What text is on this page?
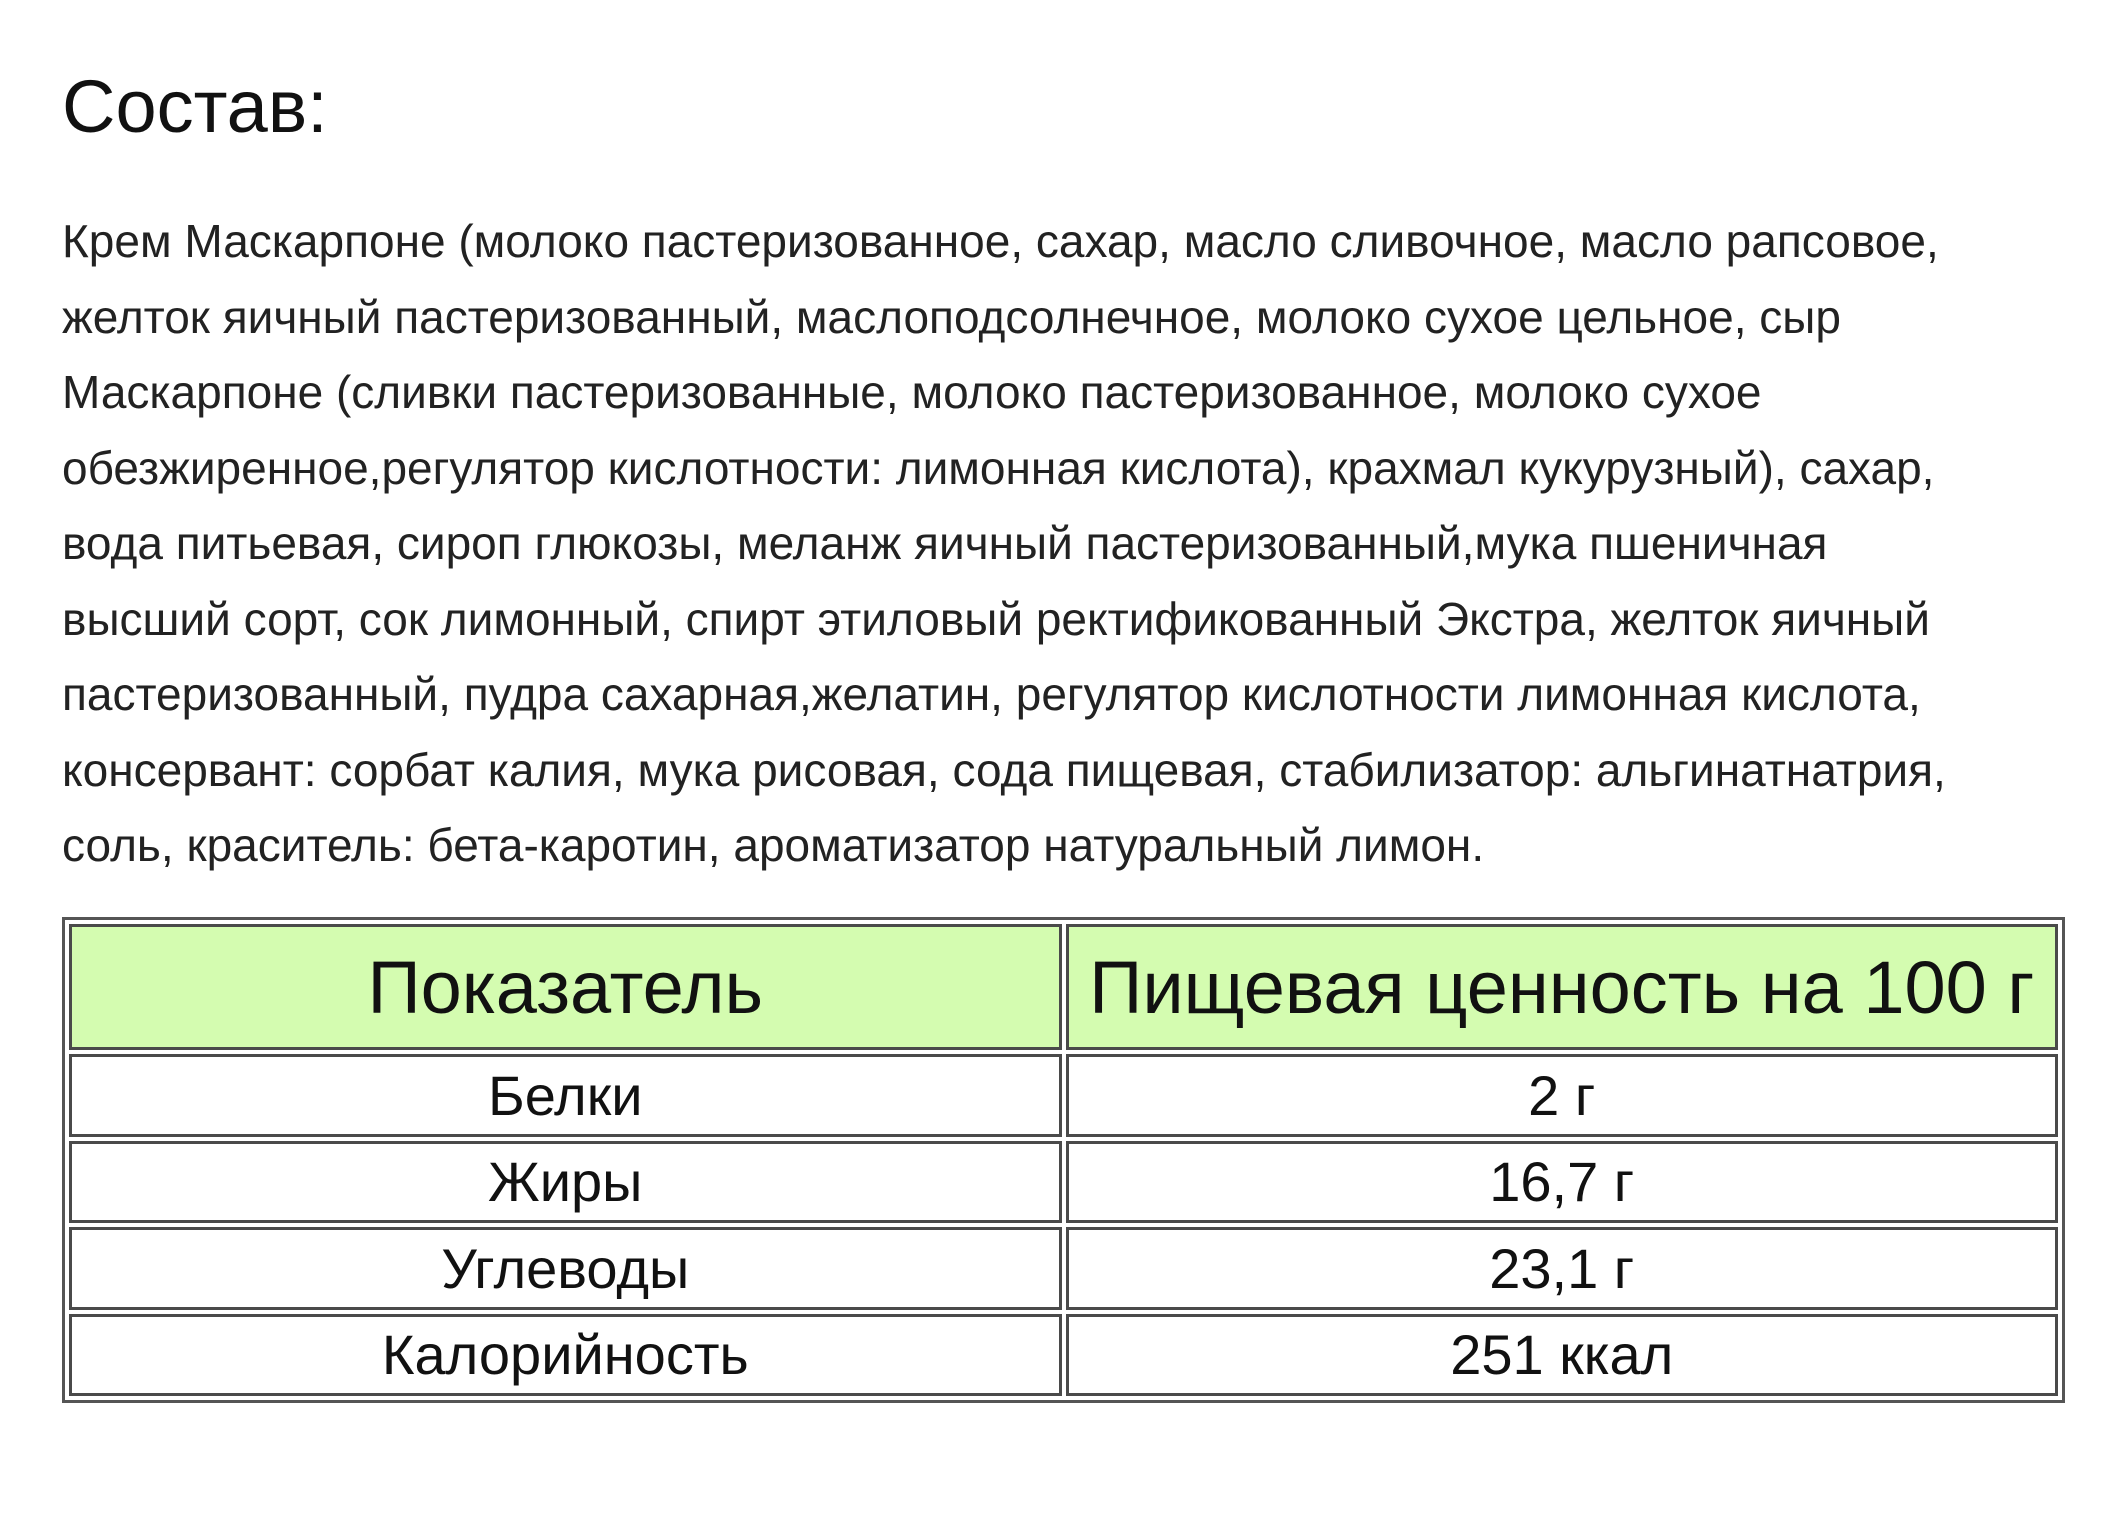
Состав:

Крем Маскарпоне (молоко пастеризованное, сахар, масло сливочное, масло рапсовое,
желток яичный пастеризованный, маслоподсолнечное, молоко сухое цельное, сыр
Маскарпоне (сливки пастеризованные, молоко пастеризованное, молоко сухое
обезжиренное,регулятор кислотности: лимонная кислота), крахмал кукурузный), сахар,
вода питьевая, сироп глюкозы, меланж яичный пастеризованный,мука пшеничная
высший сорт, сок лимонный, спирт этиловый ректификованный Экстра, желток яичный
пастеризованный, пудра сахарная,желатин, регулятор кислотности лимонная кислота,
консервант: сорбат калия, мука рисовая, сода пищевая, стабилизатор: альгинатнатрия,
соль, краситель: бета-каротин, ароматизатор натуральный лимон.

Показатель	Пищевая ценность на 100 г
Белки	2 г
Жиры	16,7 г
Углеводы	23,1 г
Калорийность	251 ккал
